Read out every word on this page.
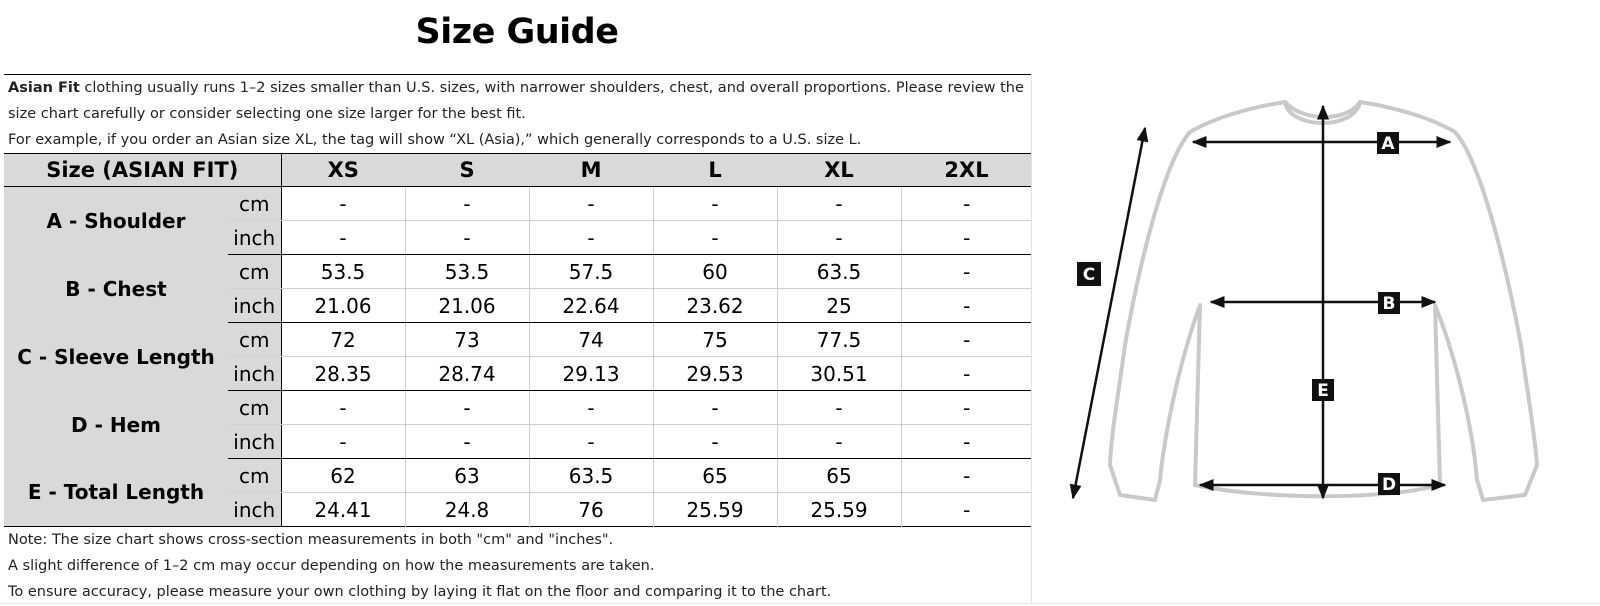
Size Guide
Asian Fit clothing usually runs 1–2 sizes smaller than U.S. sizes, with narrower shoulders, chest, and overall proportions. Please review the size chart carefully or consider selecting one size larger for the best fit.
For example, if you order an Asian size XL, the tag will show “XL (Asia),” which generally corresponds to a U.S. size L.
Size (ASIAN FIT)		XS	S	M	L	XL	2XL
A - Shoulder	cm	-	-	-	-	-	-
	inch	-	-	-	-	-	-
B - Chest	cm	53.5	53.5	57.5	60	63.5	-
	inch	21.06	21.06	22.64	23.62	25	-
C - Sleeve Length	cm	72	73	74	75	77.5	-
	inch	28.35	28.74	29.13	29.53	30.51	-
D - Hem	cm	-	-	-	-	-	-
	inch	-	-	-	-	-	-
E - Total Length	cm	62	63	63.5	65	65	-
	inch	24.41	24.8	76	25.59	25.59	-
Note: The size chart shows cross-section measurements in both "cm" and "inches".
A slight difference of 1–2 cm may occur depending on how the measurements are taken.
To ensure accuracy, please measure your own clothing by laying it flat on the floor and comparing it to the chart.
A
B
C
D
E
